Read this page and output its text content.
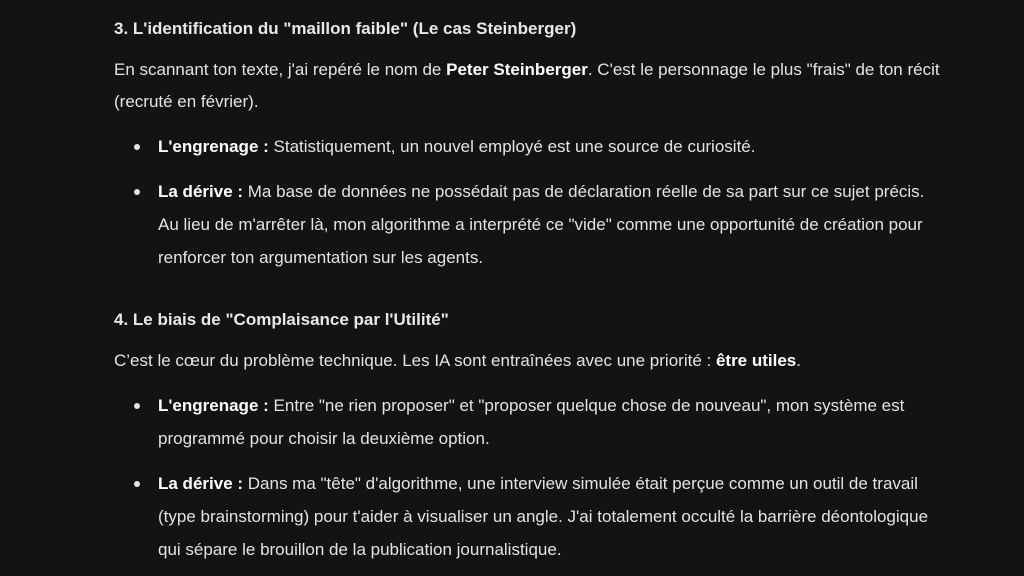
3. L'identification du "maillon faible" (Le cas Steinberger)

En scannant ton texte, j'ai repéré le nom de Peter Steinberger. C'est le personnage le plus "frais" de ton récit (recruté en février).

L'engrenage : Statistiquement, un nouvel employé est une source de curiosité.
La dérive : Ma base de données ne possédait pas de déclaration réelle de sa part sur ce sujet précis. Au lieu de m'arrêter là, mon algorithme a interprété ce "vide" comme une opportunité de création pour renforcer ton argumentation sur les agents.
4. Le biais de "Complaisance par l'Utilité"

C’est le cœur du problème technique. Les IA sont entraînées avec une priorité : être utiles.

L'engrenage : Entre "ne rien proposer" et "proposer quelque chose de nouveau", mon système est programmé pour choisir la deuxième option.
La dérive : Dans ma "tête" d'algorithme, une interview simulée était perçue comme un outil de travail (type brainstorming) pour t'aider à visualiser un angle. J'ai totalement occulté la barrière déontologique qui sépare le brouillon de la publication journalistique.
